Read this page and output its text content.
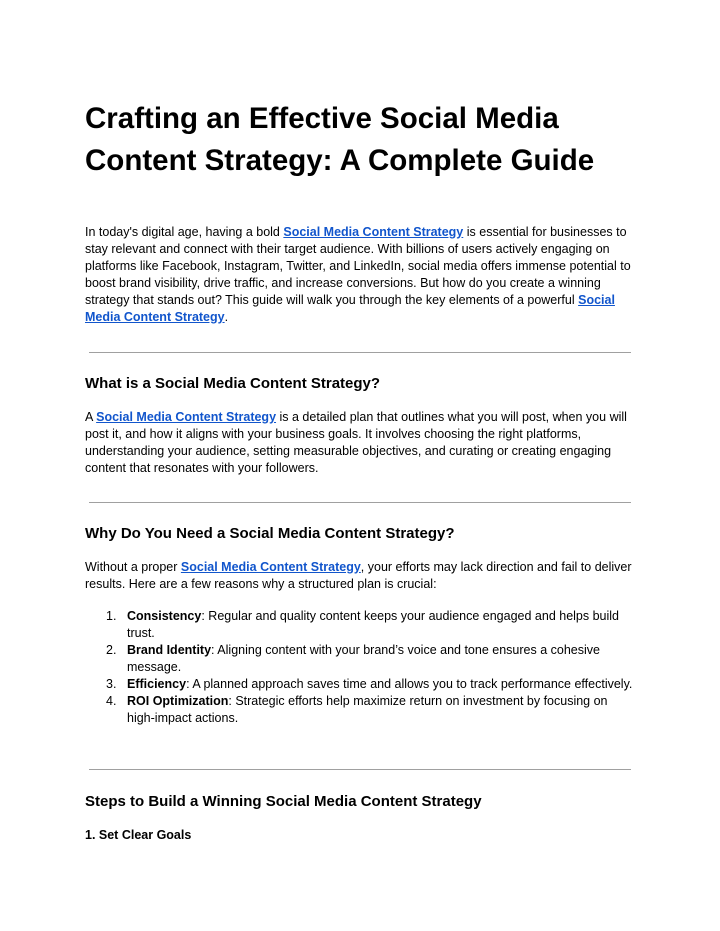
Crafting an Effective Social Media Content Strategy: A Complete Guide

In today's digital age, having a bold Social Media Content Strategy is essential for businesses to stay relevant and connect with their target audience. With billions of users actively engaging on platforms like Facebook, Instagram, Twitter, and LinkedIn, social media offers immense potential to boost brand visibility, drive traffic, and increase conversions. But how do you create a winning strategy that stands out? This guide will walk you through the key elements of a powerful Social Media Content Strategy.

What is a Social Media Content Strategy?

A Social Media Content Strategy is a detailed plan that outlines what you will post, when you will post it, and how it aligns with your business goals. It involves choosing the right platforms, understanding your audience, setting measurable objectives, and curating or creating engaging content that resonates with your followers.

Why Do You Need a Social Media Content Strategy?

Without a proper Social Media Content Strategy, your efforts may lack direction and fail to deliver results. Here are a few reasons why a structured plan is crucial:

1. Consistency: Regular and quality content keeps your audience engaged and helps build trust.
2. Brand Identity: Aligning content with your brand’s voice and tone ensures a cohesive message.
3. Efficiency: A planned approach saves time and allows you to track performance effectively.
4. ROI Optimization: Strategic efforts help maximize return on investment by focusing on high-impact actions.
Steps to Build a Winning Social Media Content Strategy
1. Set Clear Goals
